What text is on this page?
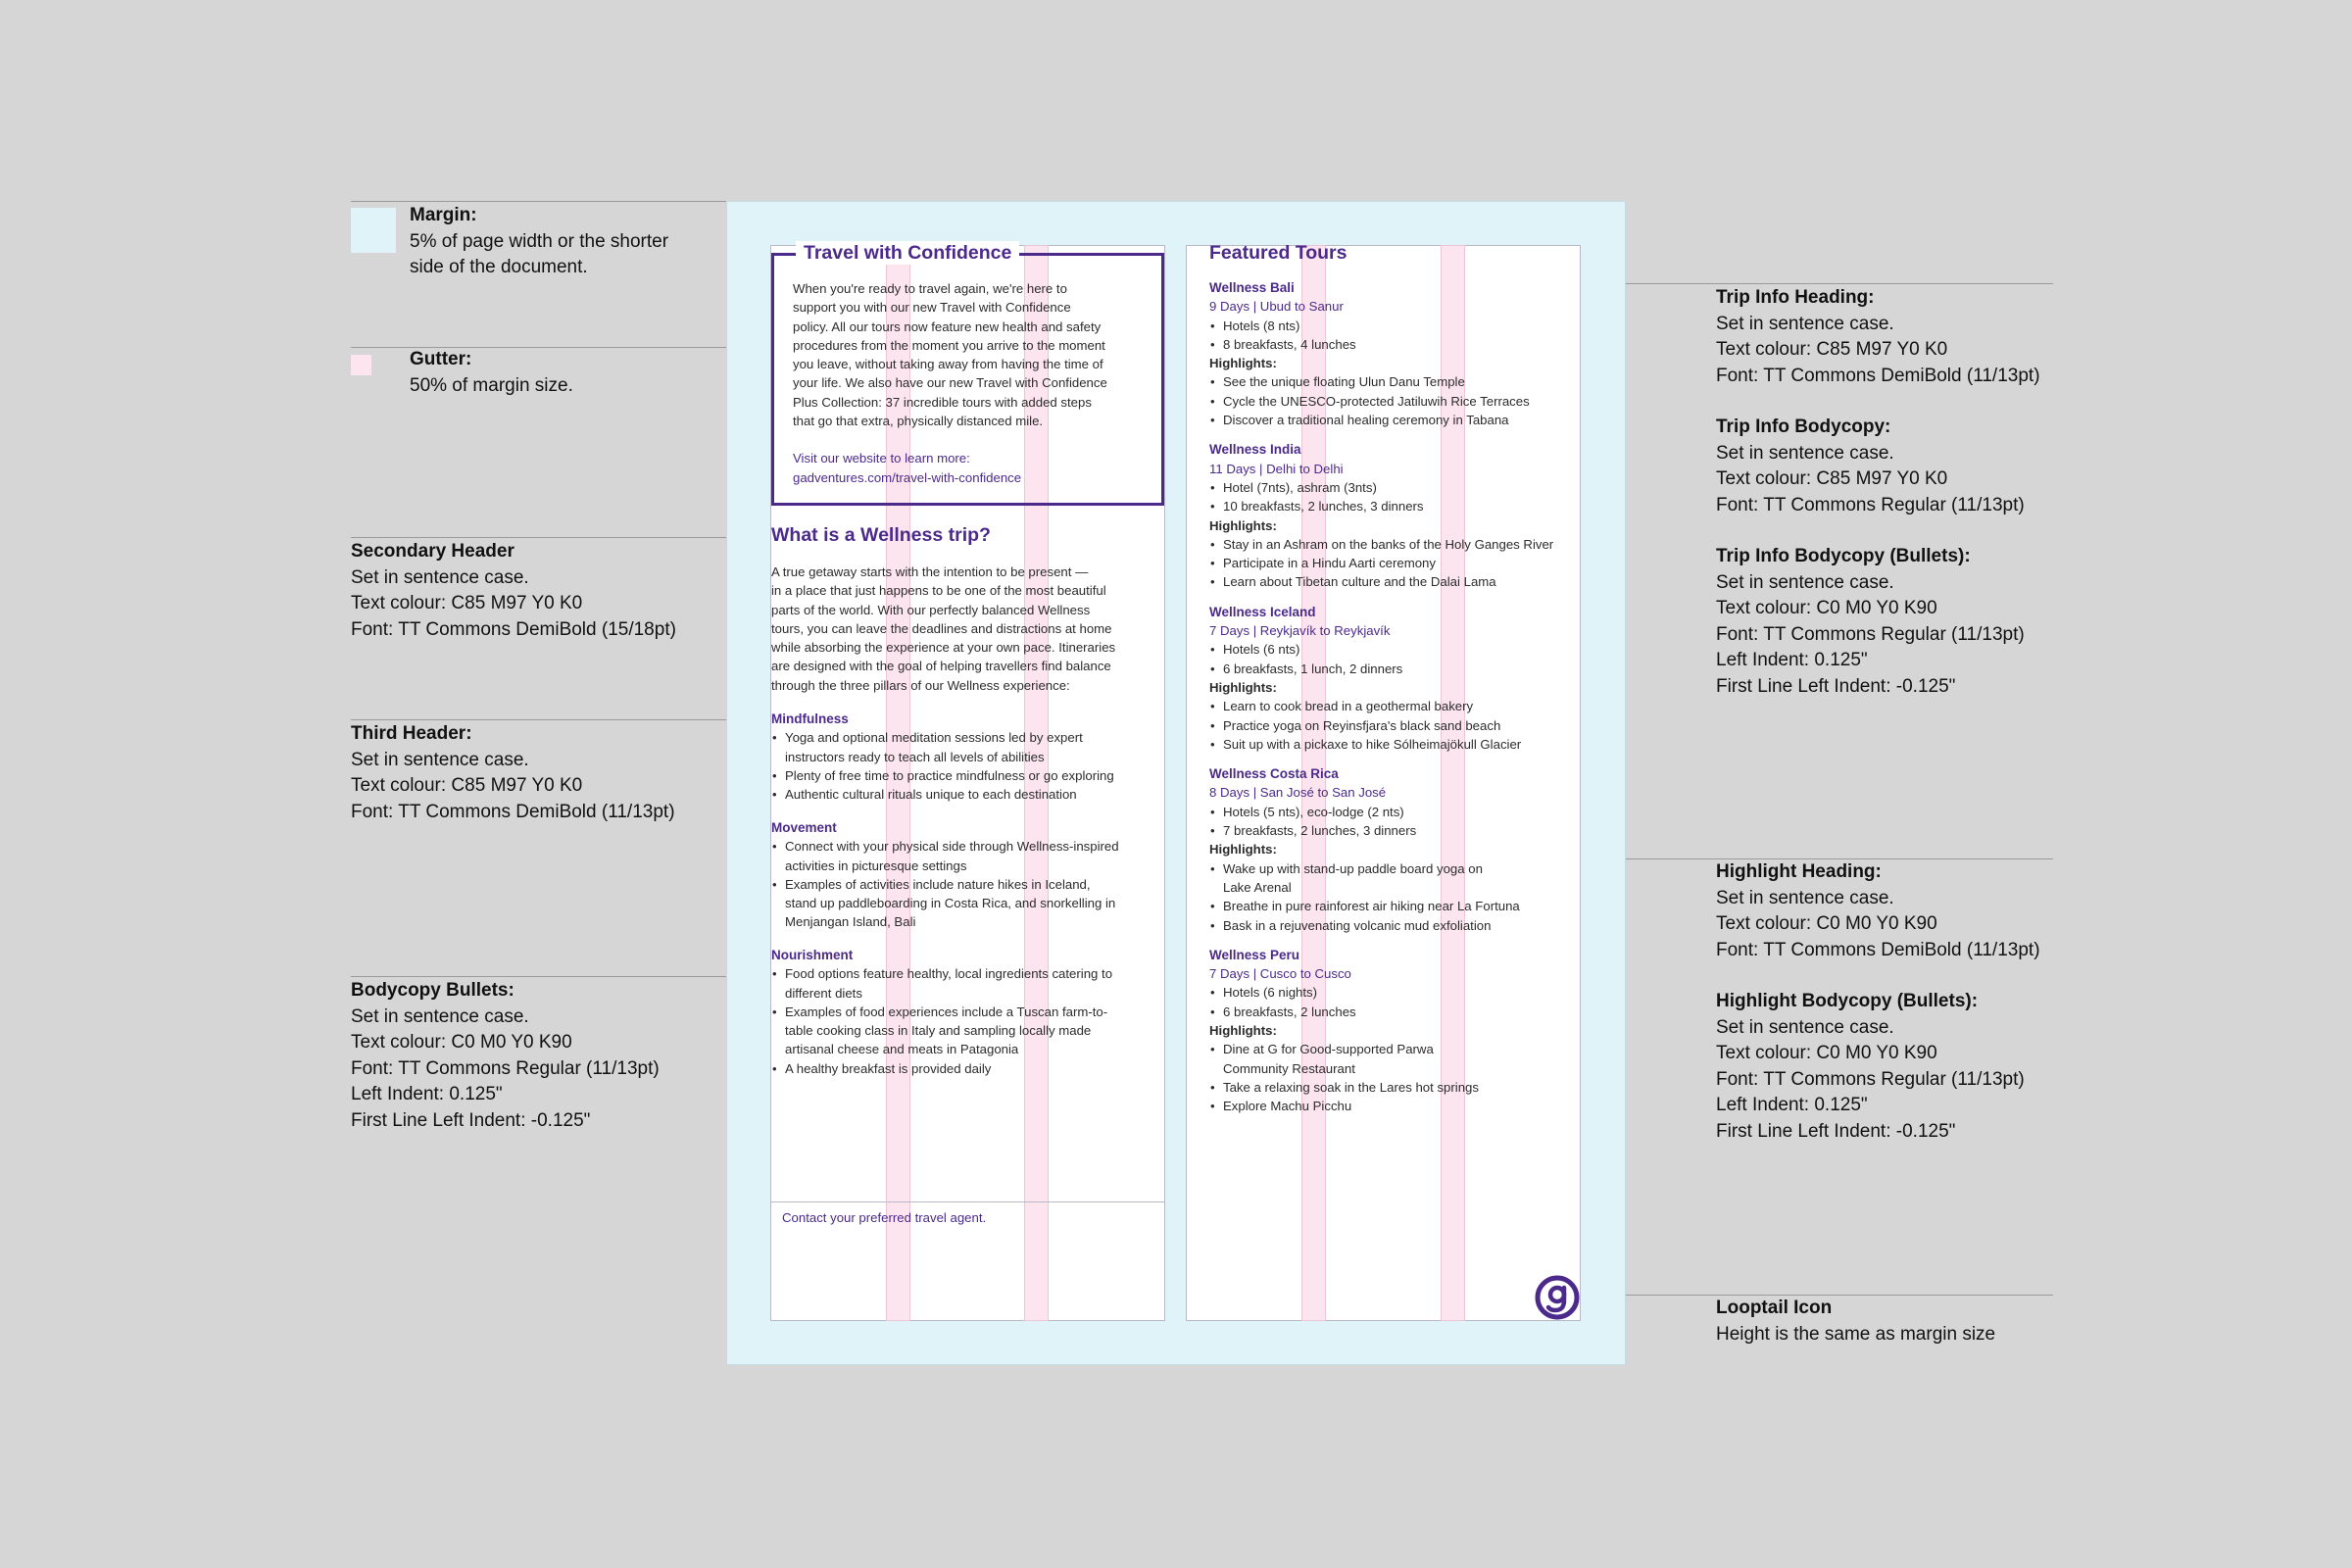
Margin:

5% of page width or the shorter

side of the document.

Gutter:

50% of margin size.

Secondary Header

Set in sentence case.

Text colour: C85 M97 Y0 K0

Font: TT Commons DemiBold (15/18pt)

Third Header:

Set in sentence case.

Text colour: C85 M97 Y0 K0

Font: TT Commons DemiBold (11/13pt)

Bodycopy Bullets:

Set in sentence case.

Text colour: C0 M0 Y0 K90

Font: TT Commons Regular (11/13pt)

Left Indent: 0.125"

First Line Left Indent: -0.125"

Trip Info Heading:

Set in sentence case.

Text colour: C85 M97 Y0 K0

Font: TT Commons DemiBold (11/13pt)

Trip Info Bodycopy:

Set in sentence case.

Text colour: C85 M97 Y0 K0

Font: TT Commons Regular (11/13pt)

Trip Info Bodycopy (Bullets):

Set in sentence case.

Text colour: C0 M0 Y0 K90

Font: TT Commons Regular (11/13pt)

Left Indent: 0.125"

First Line Left Indent: -0.125"

Highlight Heading:

Set in sentence case.

Text colour: C0 M0 Y0 K90

Font: TT Commons DemiBold (11/13pt)

Highlight Bodycopy (Bullets):

Set in sentence case.

Text colour: C0 M0 Y0 K90

Font: TT Commons Regular (11/13pt)

Left Indent: 0.125"

First Line Left Indent: -0.125"

Looptail Icon

Height is the same as margin size

Travel with Confidence
When you're ready to travel again, we're here to
support you with our new Travel with Confidence
policy. All our tours now feature new health and safety
procedures from the moment you arrive to the moment
you leave, without taking away from having the time of
your life. We also have our new Travel with Confidence
Plus Collection: 37 incredible tours with added steps
that go that extra, physically distanced mile.
Visit our website to learn more:
gadventures.com/travel-with-confidence
What is a Wellness trip?
A true getaway starts with the intention to be present —
in a place that just happens to be one of the most beautiful
parts of the world. With our perfectly balanced Wellness
tours, you can leave the deadlines and distractions at home
while absorbing the experience at your own pace. Itineraries
are designed with the goal of helping travellers find balance
through the three pillars of our Wellness experience:
Mindfulness
• Yoga and optional meditation sessions led by expert
instructors ready to teach all levels of abilities
• Plenty of free time to practice mindfulness or go exploring
• Authentic cultural rituals unique to each destination
Movement
• Connect with your physical side through Wellness-inspired
activities in picturesque settings
• Examples of activities include nature hikes in Iceland,
stand up paddleboarding in Costa Rica, and snorkelling in
Menjangan Island, Bali
Nourishment
• Food options feature healthy, local ingredients catering to
different diets
• Examples of food experiences include a Tuscan farm-to-
table cooking class in Italy and sampling locally made
artisanal cheese and meats in Patagonia
• A healthy breakfast is provided daily
Contact your preferred travel agent.
Featured Tours
Wellness Bali
9 Days | Ubud to Sanur
• Hotels (8 nts)
• 8 breakfasts, 4 lunches
Highlights:
• See the unique floating Ulun Danu Temple
• Cycle the UNESCO-protected Jatiluwih Rice Terraces
• Discover a traditional healing ceremony in Tabana
Wellness India
11 Days | Delhi to Delhi
• Hotel (7nts), ashram (3nts)
• 10 breakfasts, 2 lunches, 3 dinners
Highlights:
• Stay in an Ashram on the banks of the Holy Ganges River
• Participate in a Hindu Aarti ceremony
• Learn about Tibetan culture and the Dalai Lama
Wellness Iceland
7 Days | Reykjavík to Reykjavík
• Hotels (6 nts)
• 6 breakfasts, 1 lunch, 2 dinners
Highlights:
• Learn to cook bread in a geothermal bakery
• Practice yoga on Reyinsfjara's black sand beach
• Suit up with a pickaxe to hike Sólheimajökull Glacier
Wellness Costa Rica
8 Days | San José to San José
• Hotels (5 nts), eco-lodge (2 nts)
• 7 breakfasts, 2 lunches, 3 dinners
Highlights:
• Wake up with stand-up paddle board yoga on
Lake Arenal
• Breathe in pure rainforest air hiking near La Fortuna
• Bask in a rejuvenating volcanic mud exfoliation
Wellness Peru
7 Days | Cusco to Cusco
• Hotels (6 nights)
• 6 breakfasts, 2 lunches
Highlights:
• Dine at G for Good-supported Parwa
Community Restaurant
• Take a relaxing soak in the Lares hot springs
• Explore Machu Picchu
